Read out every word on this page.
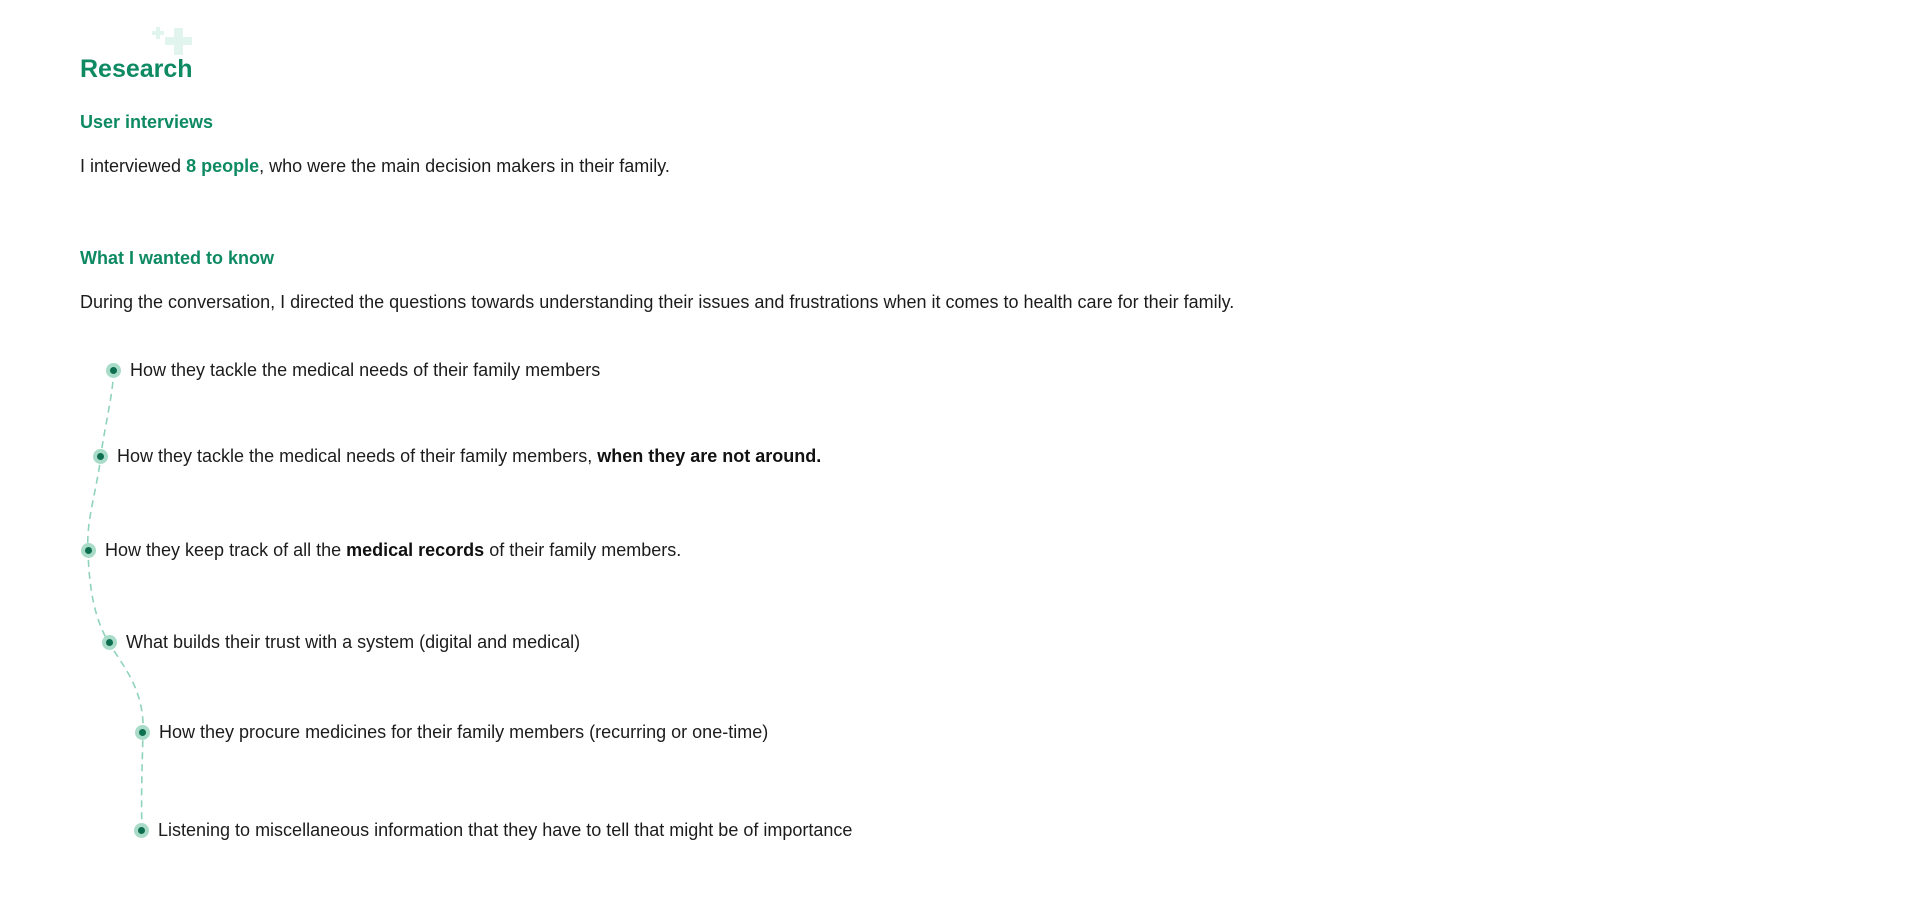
Research
User interviews

I interviewed 8 people, who were the main decision makers in their family.

What I wanted to know

During the conversation, I directed the questions towards understanding their issues and frustrations when it comes to health care for their family.

How they tackle the medical needs of their family members
How they tackle the medical needs of their family members, when they are not around.
How they keep track of all the medical records of their family members.
What builds their trust with a system (digital and medical)
How they procure medicines for their family members (recurring or one-time)
Listening to miscellaneous information that they have to tell that might be of importance
